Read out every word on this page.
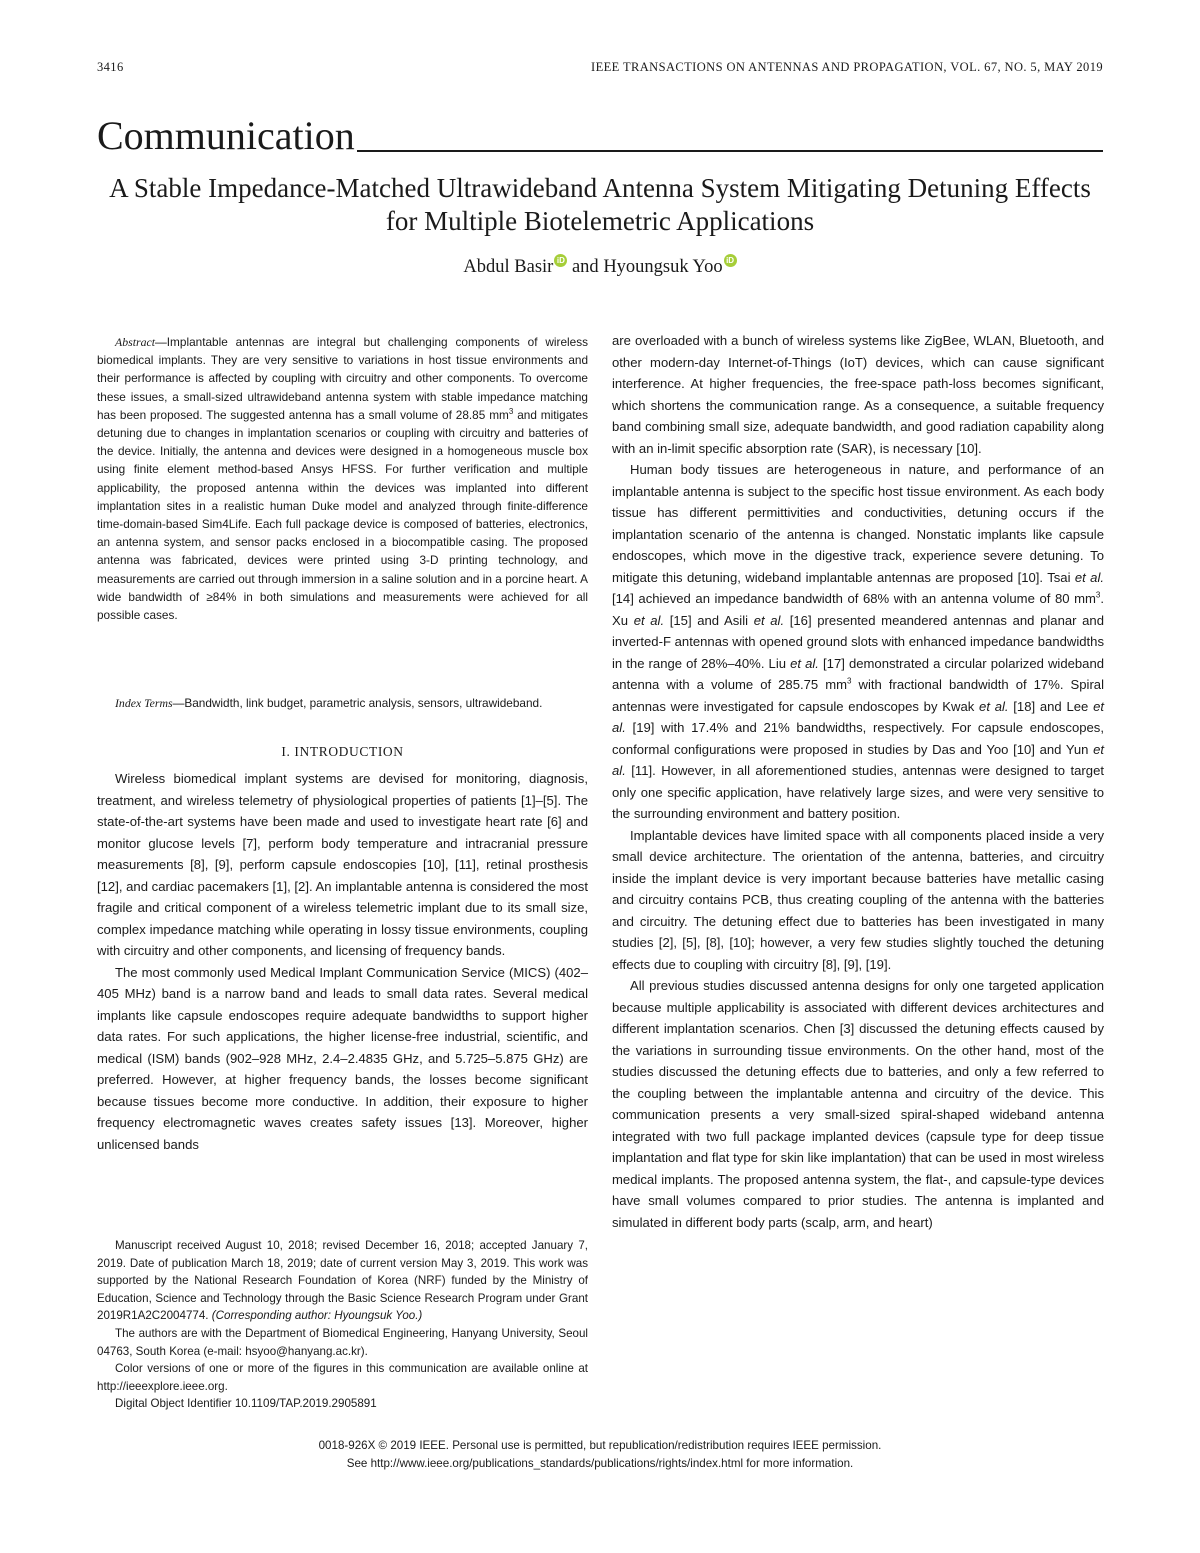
3416	IEEE TRANSACTIONS ON ANTENNAS AND PROPAGATION, VOL. 67, NO. 5, MAY 2019
Communication
A Stable Impedance-Matched Ultrawideband Antenna System Mitigating Detuning Effects for Multiple Biotelemetric Applications
Abdul Basir iD and Hyoungsuk Yoo iD

Abstract—Implantable antennas are integral but challenging components of wireless biomedical implants. They are very sensitive to variations in host tissue environments and their performance is affected by coupling with circuitry and other components. To overcome these issues, a small-sized ultrawideband antenna system with stable impedance matching has been proposed. The suggested antenna has a small volume of 28.85 $mm^3$ and mitigates detuning due to changes in implantation scenarios or coupling with circuitry and batteries of the device. Initially, the antenna and devices were designed in a homogeneous muscle box using finite element method-based Ansys HFSS. For further verification and multiple applicability, the proposed antenna within the devices was implanted into different implantation sites in a realistic human Duke model and analyzed through finite-difference time-domain-based Sim4Life. Each full package device is composed of batteries, electronics, an antenna system, and sensor packs enclosed in a biocompatible casing. The proposed antenna was fabricated, devices were printed using 3-D printing technology, and measurements are carried out through immersion in a saline solution and in a porcine heart. A wide bandwidth of ≥84% in both simulations and measurements were achieved for all possible cases.

Index Terms—Bandwidth, link budget, parametric analysis, sensors, ultrawideband.

I. INTRODUCTION

Wireless biomedical implant systems are devised for monitoring, diagnosis, treatment, and wireless telemetry of physiological properties of patients [1]–[5]. The state-of-the-art systems have been made and used to investigate heart rate [6] and monitor glucose levels [7], perform body temperature and intracranial pressure measurements [8], [9], perform capsule endoscopies [10], [11], retinal prosthesis [12], and cardiac pacemakers [1], [2]. An implantable antenna is considered the most fragile and critical component of a wireless telemetric implant due to its small size, complex impedance matching while operating in lossy tissue environments, coupling with circuitry and other components, and licensing of frequency bands.

The most commonly used Medical Implant Communication Service (MICS) (402–405 MHz) band is a narrow band and leads to small data rates. Several medical implants like capsule endoscopes require adequate bandwidths to support higher data rates. For such applications, the higher license-free industrial, scientific, and medical (ISM) bands (902–928 MHz, 2.4–2.4835 GHz, and 5.725–5.875 GHz) are preferred. However, at higher frequency bands, the losses become significant because tissues become more conductive. In addition, their exposure to higher frequency electromagnetic waves creates safety issues [13]. Moreover, higher unlicensed bands

Manuscript received August 10, 2018; revised December 16, 2018; accepted January 7, 2019. Date of publication March 18, 2019; date of current version May 3, 2019. This work was supported by the National Research Foundation of Korea (NRF) funded by the Ministry of Education, Science and Technology through the Basic Science Research Program under Grant 2019R1A2C2004774. (Corresponding author: Hyoungsuk Yoo.)

The authors are with the Department of Biomedical Engineering, Hanyang University, Seoul 04763, South Korea (e-mail: hsyoo@hanyang.ac.kr).

Color versions of one or more of the figures in this communication are available online at http://ieeexplore.ieee.org.

Digital Object Identifier 10.1109/TAP.2019.2905891

are overloaded with a bunch of wireless systems like ZigBee, WLAN, Bluetooth, and other modern-day Internet-of-Things (IoT) devices, which can cause significant interference. At higher frequencies, the free-space path-loss becomes significant, which shortens the communication range. As a consequence, a suitable frequency band combining small size, adequate bandwidth, and good radiation capability along with an in-limit specific absorption rate (SAR), is necessary [10].

Human body tissues are heterogeneous in nature, and performance of an implantable antenna is subject to the specific host tissue environment. As each body tissue has different permittivities and conductivities, detuning occurs if the implantation scenario of the antenna is changed. Nonstatic implants like capsule endoscopes, which move in the digestive track, experience severe detuning. To mitigate this detuning, wideband implantable antennas are proposed [10]. Tsai et al. [14] achieved an impedance bandwidth of 68% with an antenna volume of 80 $mm^3$. Xu et al. [15] and Asili et al. [16] presented meandered antennas and planar and inverted-F antennas with opened ground slots with enhanced impedance bandwidths in the range of 28%–40%. Liu et al. [17] demonstrated a circular polarized wideband antenna with a volume of 285.75 $mm^3$ with fractional bandwidth of 17%. Spiral antennas were investigated for capsule endoscopes by Kwak et al. [18] and Lee et al. [19] with 17.4% and 21% bandwidths, respectively. For capsule endoscopes, conformal configurations were proposed in studies by Das and Yoo [10] and Yun et al. [11]. However, in all aforementioned studies, antennas were designed to target only one specific application, have relatively large sizes, and were very sensitive to the surrounding environment and battery position.

Implantable devices have limited space with all components placed inside a very small device architecture. The orientation of the antenna, batteries, and circuitry inside the implant device is very important because batteries have metallic casing and circuitry contains PCB, thus creating coupling of the antenna with the batteries and circuitry. The detuning effect due to batteries has been investigated in many studies [2], [5], [8], [10]; however, a very few studies slightly touched the detuning effects due to coupling with circuitry [8], [9], [19].

All previous studies discussed antenna designs for only one targeted application because multiple applicability is associated with different devices architectures and different implantation scenarios. Chen [3] discussed the detuning effects caused by the variations in surrounding tissue environments. On the other hand, most of the studies discussed the detuning effects due to batteries, and only a few referred to the coupling between the implantable antenna and circuitry of the device. This communication presents a very small-sized spiral-shaped wideband antenna integrated with two full package implanted devices (capsule type for deep tissue implantation and flat type for skin like implantation) that can be used in most wireless medical implants. The proposed antenna system, the flat-, and capsule-type devices have small volumes compared to prior studies. The antenna is implanted and simulated in different body parts (scalp, arm, and heart)

0018-926X © 2019 IEEE. Personal use is permitted, but republication/redistribution requires IEEE permission.
See http://www.ieee.org/publications_standards/publications/rights/index.html for more information.
